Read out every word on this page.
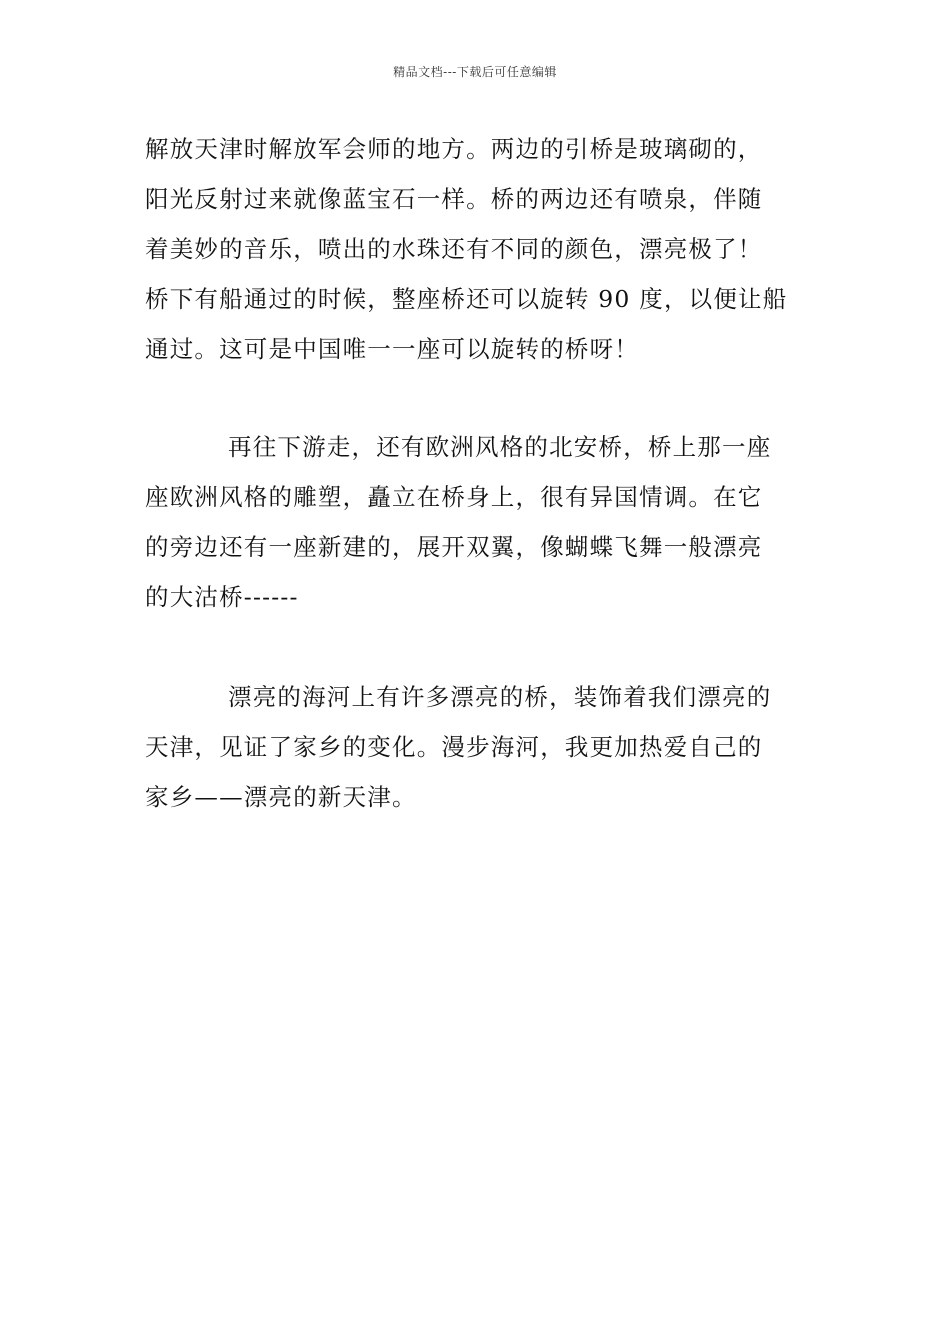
精品文档---下载后可任意编辑
解放天津时解放军会师的地方。两边的引桥是玻璃砌的，
阳光反射过来就像蓝宝石一样。桥的两边还有喷泉，伴随
着美妙的音乐，喷出的水珠还有不同的颜色，漂亮极了！
桥下有船通过的时候，整座桥还可以旋转 90 度，以便让船
通过。这可是中国唯一一座可以旋转的桥呀！
再往下游走，还有欧洲风格的北安桥，桥上那一座
座欧洲风格的雕塑，矗立在桥身上，很有异国情调。在它
的旁边还有一座新建的，展开双翼，像蝴蝶飞舞一般漂亮
的大沽桥------
漂亮的海河上有许多漂亮的桥，装饰着我们漂亮的
天津，见证了家乡的变化。漫步海河，我更加热爱自己的
家乡——漂亮的新天津。
